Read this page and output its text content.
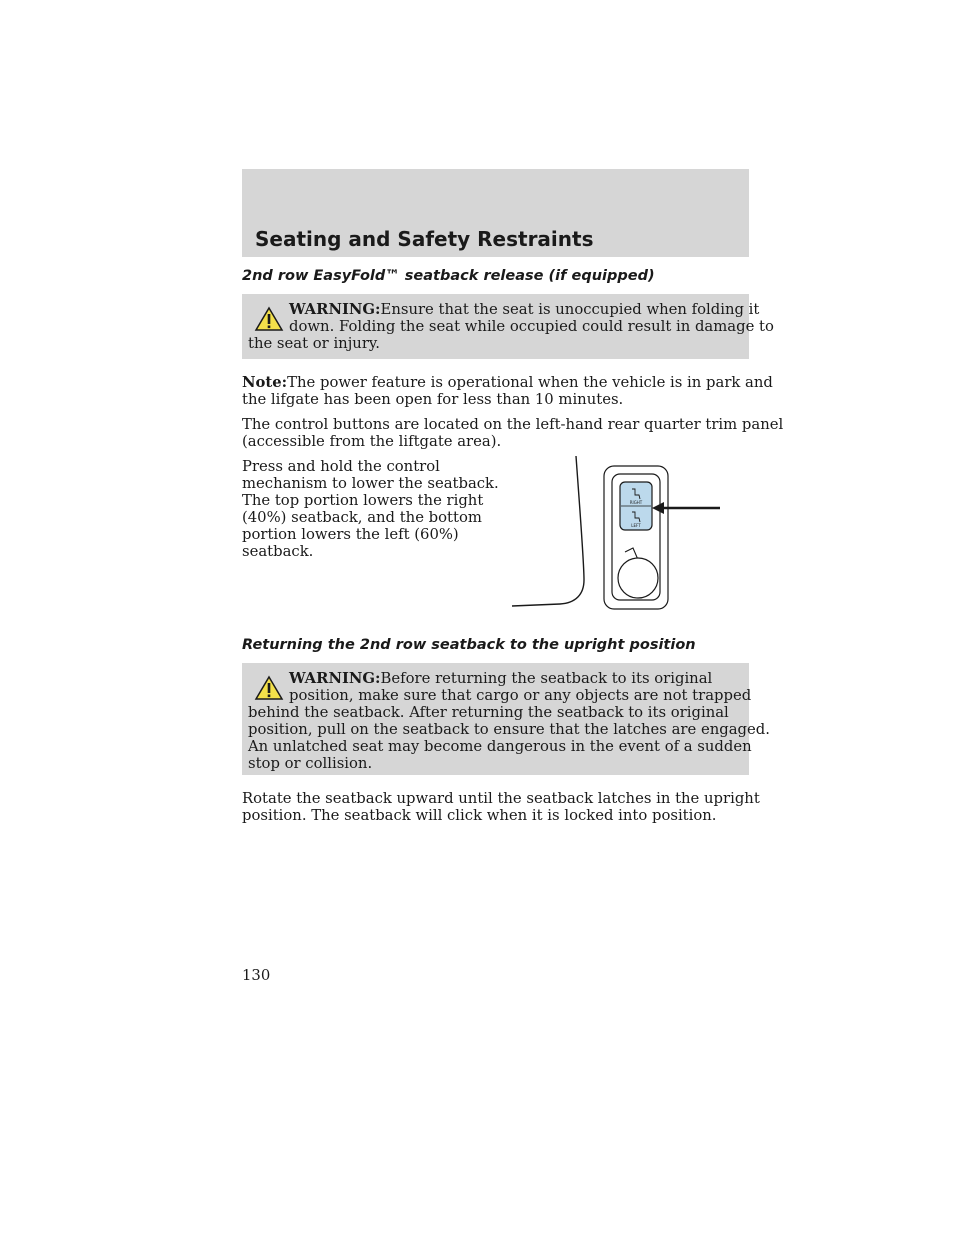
Seating and Safety Restraints
2nd row EasyFold™ seatback release (if equipped)
WARNING:Ensure that the seat is unoccupied when folding it
down. Folding the seat while occupied could result in damage to
the seat or injury.
Note:The power feature is operational when the vehicle is in park and
the lifgate has been open for less than 10 minutes.
The control buttons are located on the left-hand rear quarter trim panel
(accessible from the liftgate area).
Press and hold the control
mechanism to lower the seatback.
The top portion lowers the right
(40%) seatback, and the bottom
portion lowers the left (60%)
seatback.
RIGHT
LEFT
Returning the 2nd row seatback to the upright position
WARNING:Before returning the seatback to its original
position, make sure that cargo or any objects are not trapped
behind the seatback. After returning the seatback to its original
position, pull on the seatback to ensure that the latches are engaged.
An unlatched seat may become dangerous in the event of a sudden
stop or collision.
Rotate the seatback upward until the seatback latches in the upright
position. The seatback will click when it is locked into position.
130
